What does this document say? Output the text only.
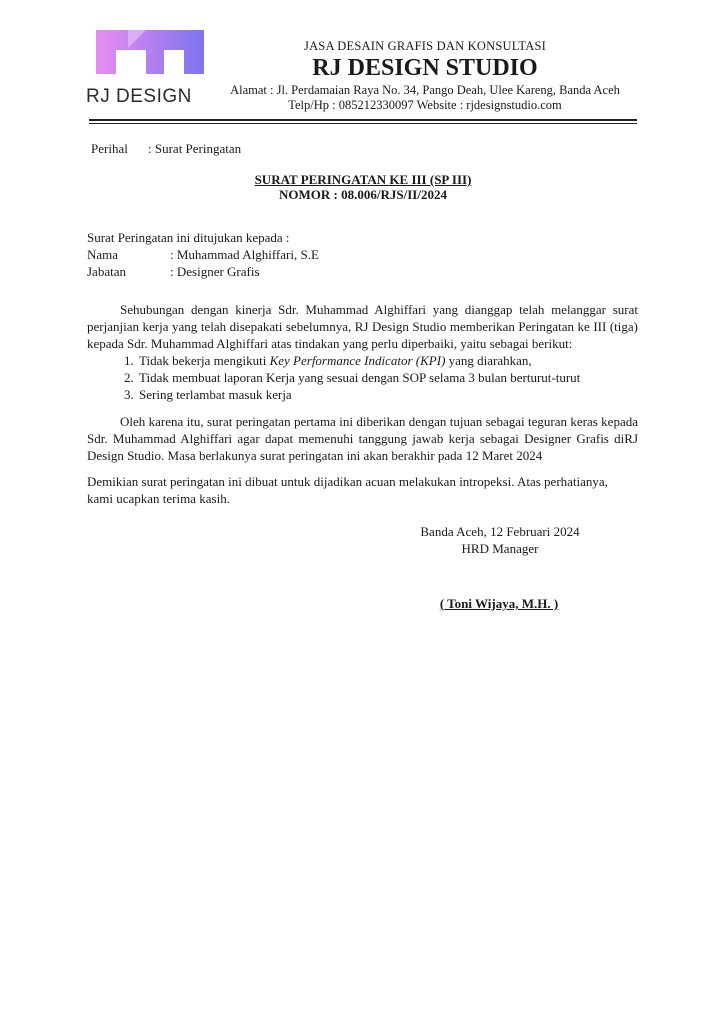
RJ DESIGN
JASA DESAIN GRAFIS DAN KONSULTASI
RJ DESIGN STUDIO
Alamat : Jl. Perdamaian Raya No. 34, Pango Deah, Ulee Kareng, Banda Aceh
Telp/Hp : 085212330097 Website : rjdesignstudio.com
Perihal : Surat Peringatan
SURAT PERINGATAN KE III (SP III)
NOMOR : 08.006/RJS/II/2024
Surat Peringatan ini ditujukan kepada :
Nama	: Muhammad Alghiffari, S.E
Jabatan	: Designer Grafis
Sehubungan dengan kinerja Sdr. Muhammad Alghiffari yang dianggap telah melanggar surat perjanjian kerja yang telah disepakati sebelumnya, RJ Design Studio memberikan Peringatan ke III (tiga) kepada Sdr. Muhammad Alghiffari atas tindakan yang perlu diperbaiki, yaitu sebagai berikut:
1. Tidak bekerja mengikuti Key Performance Indicator (KPI) yang diarahkan,
2. Tidak membuat laporan Kerja yang sesuai dengan SOP selama 3 bulan berturut-turut
3. Sering terlambat masuk kerja
Oleh karena itu, surat peringatan pertama ini diberikan dengan tujuan sebagai teguran keras kepada Sdr. Muhammad Alghiffari agar dapat memenuhi tanggung jawab kerja sebagai Designer Grafis diRJ Design Studio. Masa berlakunya surat peringatan ini akan berakhir pada 12 Maret 2024
Demikian surat peringatan ini dibuat untuk dijadikan acuan melakukan intropeksi. Atas perhatianya, kami ucapkan terima kasih.
Banda Aceh, 12 Februari 2024
HRD Manager
( Toni Wijaya, M.H. )
